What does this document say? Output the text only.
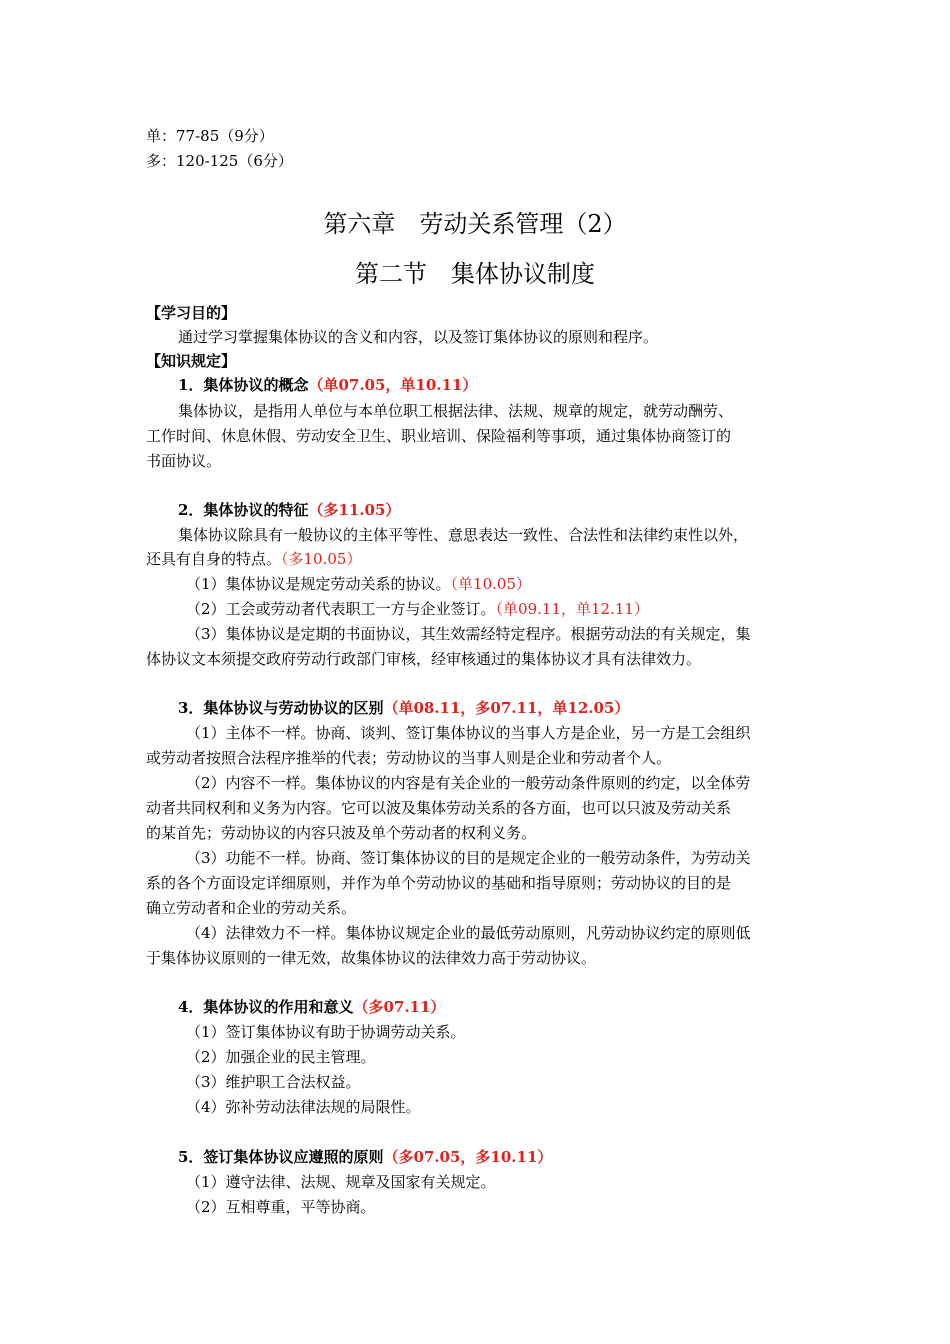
单：77-85（9分）
多：120-125（6分）
第六章 劳动关系管理（2）
第二节 集体协议制度
【学习目的】
通过学习掌握集体协议的含义和内容，以及签订集体协议的原则和程序。
【知识规定】
1．集体协议的概念（单07.05，单10.11）
集体协议，是指用人单位与本单位职工根据法律、法规、规章的规定，就劳动酬劳、
工作时间、休息休假、劳动安全卫生、职业培训、保险福利等事项，通过集体协商签订的
书面协议。
2．集体协议的特征（多11.05）
集体协议除具有一般协议的主体平等性、意思表达一致性、合法性和法律约束性以外，
还具有自身的特点。（多10.05）
（1）集体协议是规定劳动关系的协议。（单10.05）
（2）工会或劳动者代表职工一方与企业签订。（单09.11，单12.11）
（3）集体协议是定期的书面协议，其生效需经特定程序。根据劳动法的有关规定，集
体协议文本须提交政府劳动行政部门审核，经审核通过的集体协议才具有法律效力。
3．集体协议与劳动协议的区别（单08.11，多07.11，单12.05）
（1）主体不一样。协商、谈判、签订集体协议的当事人方是企业，另一方是工会组织
或劳动者按照合法程序推举的代表；劳动协议的当事人则是企业和劳动者个人。
（2）内容不一样。集体协议的内容是有关企业的一般劳动条件原则的约定，以全体劳
动者共同权利和义务为内容。它可以波及集体劳动关系的各方面，也可以只波及劳动关系
的某首先；劳动协议的内容只波及单个劳动者的权利义务。
（3）功能不一样。协商、签订集体协议的目的是规定企业的一般劳动条件，为劳动关
系的各个方面设定详细原则，并作为单个劳动协议的基础和指导原则；劳动协议的目的是
确立劳动者和企业的劳动关系。
（4）法律效力不一样。集体协议规定企业的最低劳动原则，凡劳动协议约定的原则低
于集体协议原则的一律无效，故集体协议的法律效力高于劳动协议。
4．集体协议的作用和意义（多07.11）
（1）签订集体协议有助于协调劳动关系。
（2）加强企业的民主管理。
（3）维护职工合法权益。
（4）弥补劳动法律法规的局限性。
5．签订集体协议应遵照的原则（多07.05，多10.11）
（1）遵守法律、法规、规章及国家有关规定。
（2）互相尊重，平等协商。
